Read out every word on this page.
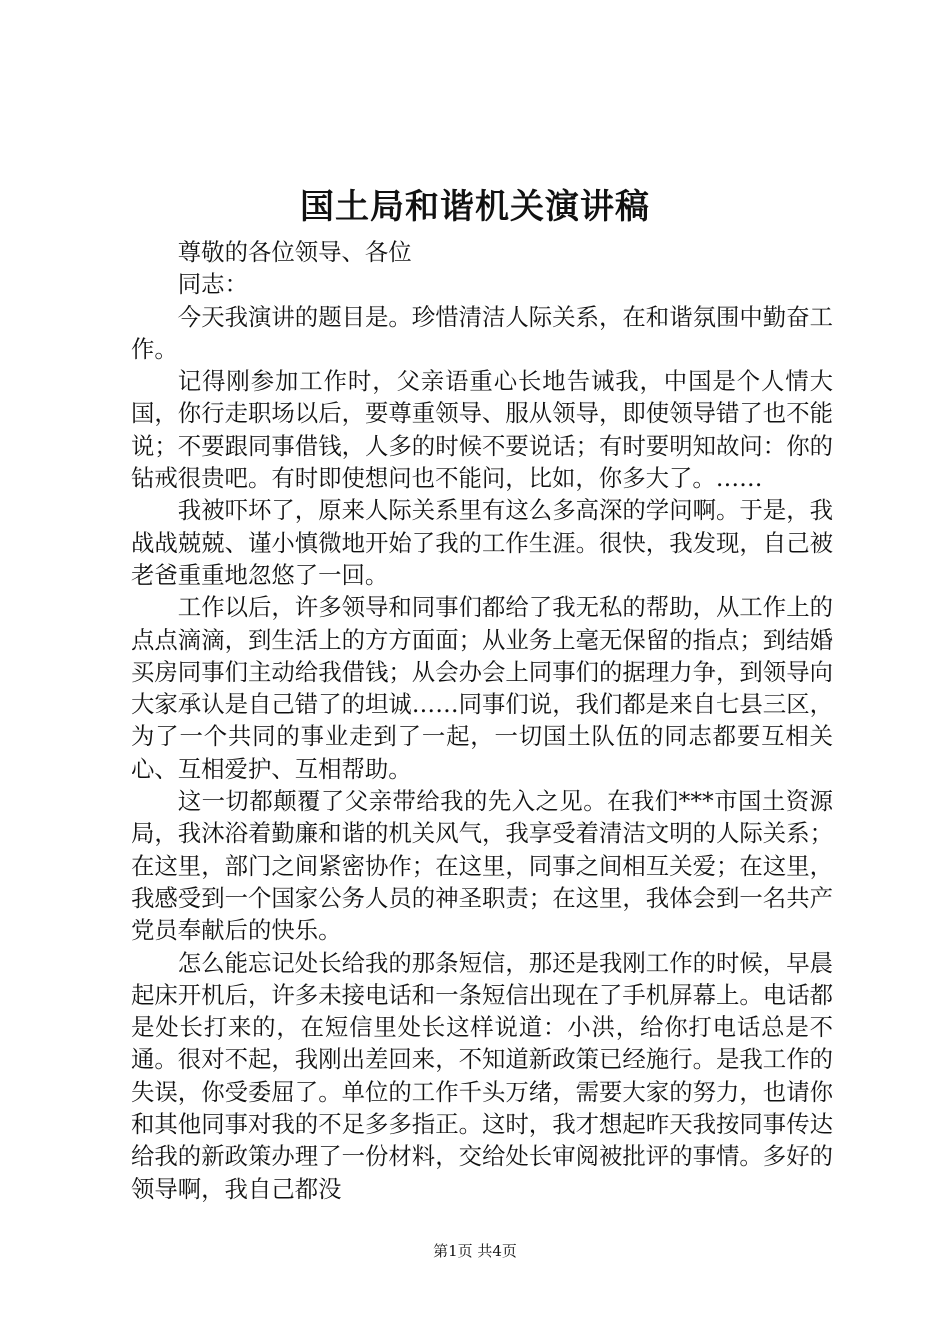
国土局和谐机关演讲稿

尊敬的各位领导、各位

同志：

今天我演讲的题目是。珍惜清洁人际关系，在和谐氛围中勤奋工作。

记得刚参加工作时，父亲语重心长地告诫我，中国是个人情大国，你行走职场以后，要尊重领导、服从领导，即使领导错了也不能说；不要跟同事借钱，人多的时候不要说话；有时要明知故问：你的钻戒很贵吧。有时即使想问也不能问，比如，你多大了。……

我被吓坏了，原来人际关系里有这么多高深的学问啊。于是，我战战兢兢、谨小慎微地开始了我的工作生涯。很快，我发现，自己被老爸重重地忽悠了一回。

工作以后，许多领导和同事们都给了我无私的帮助，从工作上的点点滴滴，到生活上的方方面面；从业务上毫无保留的指点；到结婚买房同事们主动给我借钱；从会办会上同事们的据理力争，到领导向大家承认是自己错了的坦诚……同事们说，我们都是来自七县三区，为了一个共同的事业走到了一起，一切国土队伍的同志都要互相关心、互相爱护、互相帮助。

这一切都颠覆了父亲带给我的先入之见。在我们***市国土资源局，我沐浴着勤廉和谐的机关风气，我享受着清洁文明的人际关系；在这里，部门之间紧密协作；在这里，同事之间相互关爱；在这里，我感受到一个国家公务人员的神圣职责；在这里，我体会到一名共产党员奉献后的快乐。

怎么能忘记处长给我的那条短信，那还是我刚工作的时候，早晨起床开机后，许多未接电话和一条短信出现在了手机屏幕上。电话都是处长打来的，在短信里处长这样说道：小洪，给你打电话总是不通。很对不起，我刚出差回来，不知道新政策已经施行。是我工作的失误，你受委屈了。单位的工作千头万绪，需要大家的努力，也请你和其他同事对我的不足多多指正。这时，我才想起昨天我按同事传达给我的新政策办理了一份材料，交给处长审阅被批评的事情。多好的领导啊，我自己都没

第1页 共4页
